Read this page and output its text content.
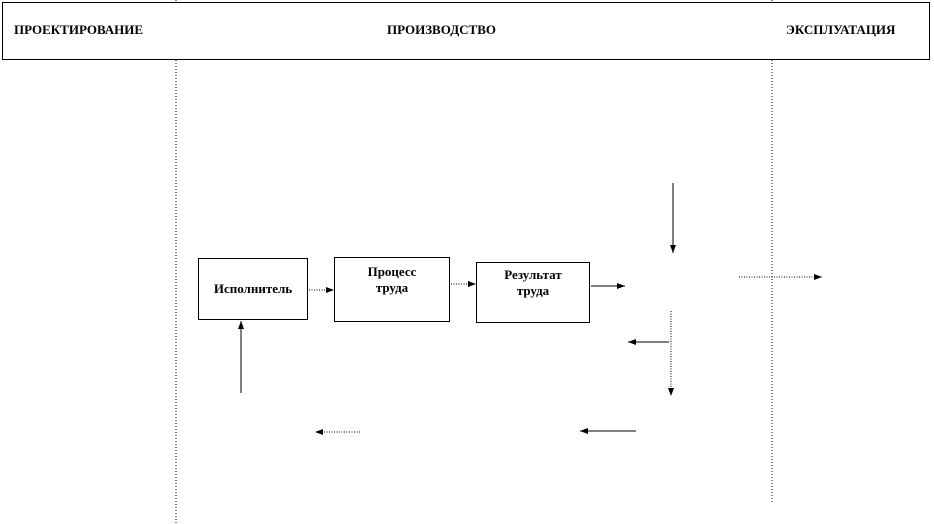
ПРОЕКТИРОВАНИЕ	ПРОИЗВОДСТВО	ЭКСПЛУАТАЦИЯ
Исполнитель
Процесс
труда
Результат
труда
